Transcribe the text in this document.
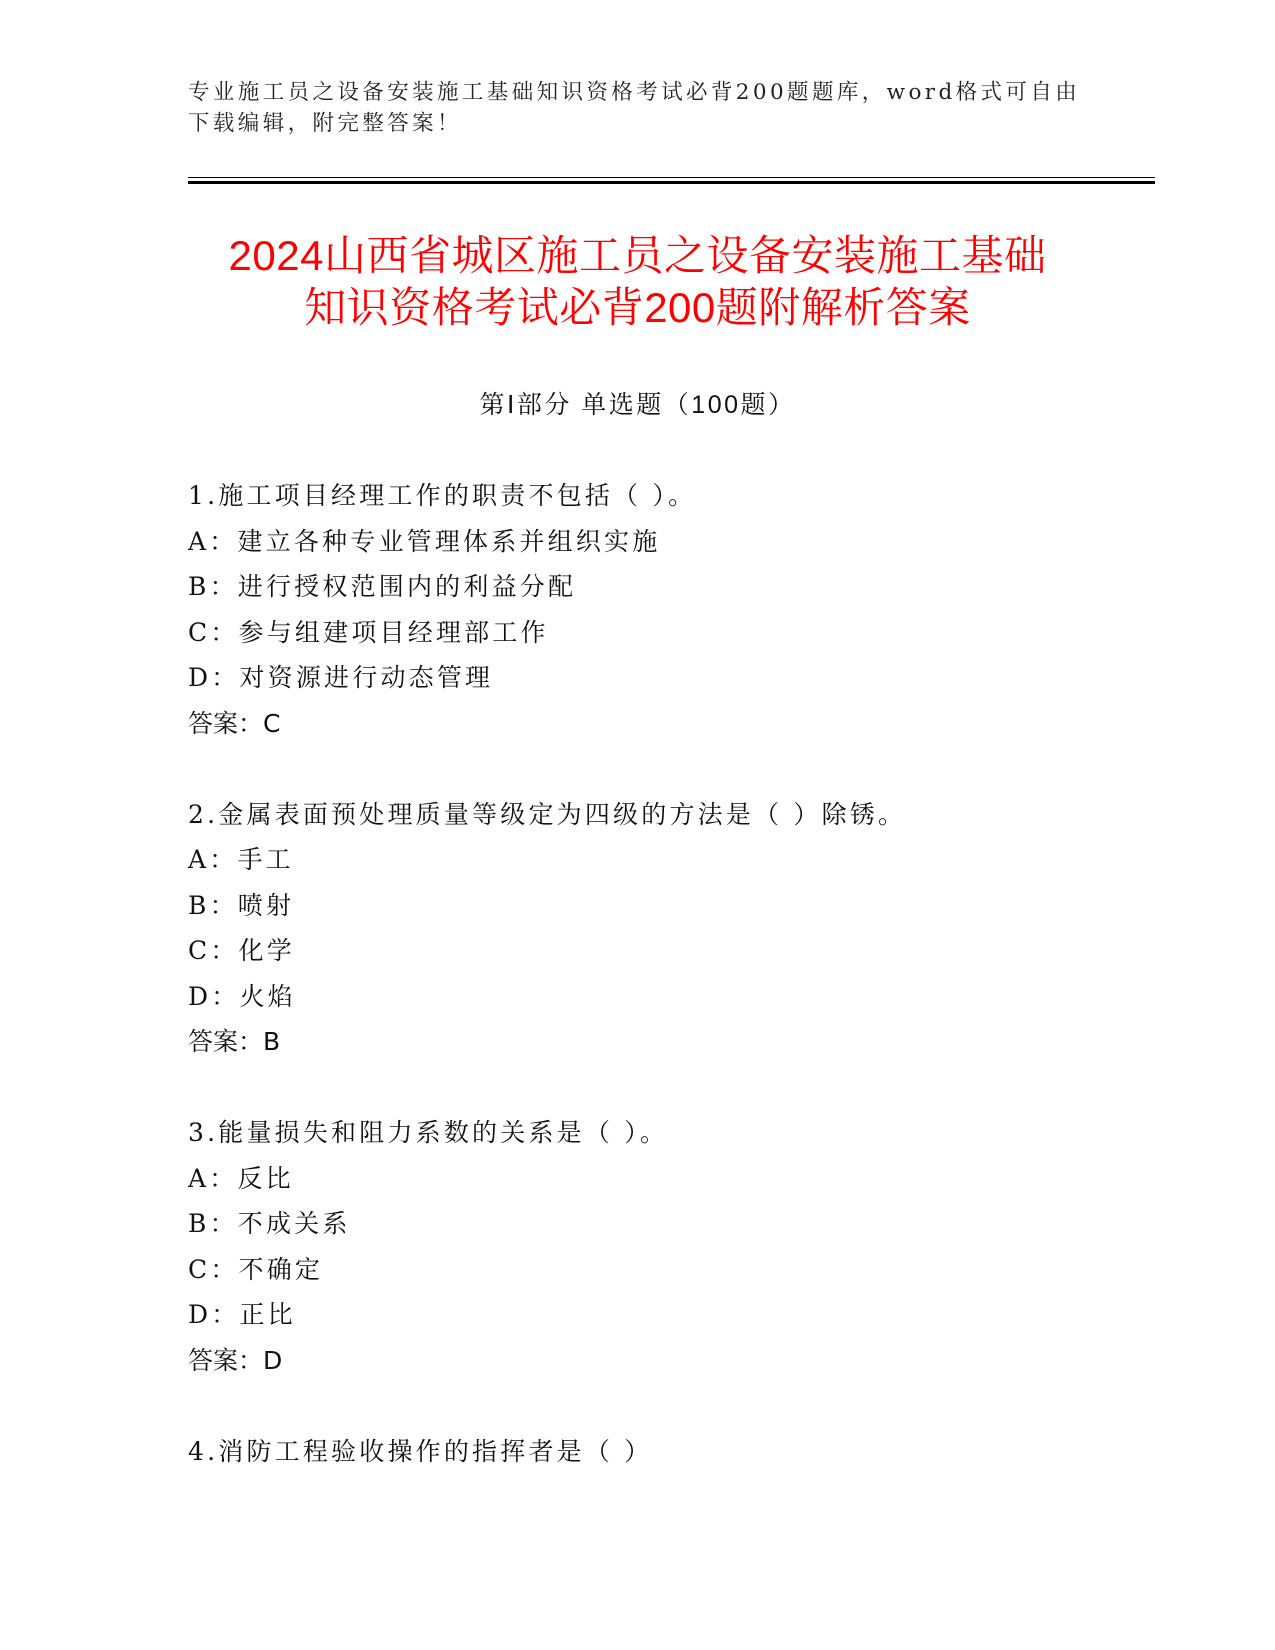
专业施工员之设备安装施工基础知识资格考试必背200题题库，word格式可自由
下载编辑，附完整答案！
2024山西省城区施工员之设备安装施工基础
知识资格考试必背200题附解析答案
第Ⅰ部分 单选题（100题）
1.施工项目经理工作的职责不包括（ ）。
A：建立各种专业管理体系并组织实施
B：进行授权范围内的利益分配
C：参与组建项目经理部工作
D：对资源进行动态管理
答案：C
2.金属表面预处理质量等级定为四级的方法是（ ）除锈。
A：手工
B：喷射
C：化学
D：火焰
答案：B
3.能量损失和阻力系数的关系是（ ）。
A：反比
B：不成关系
C：不确定
D：正比
答案：D
4.消防工程验收操作的指挥者是（ ）
